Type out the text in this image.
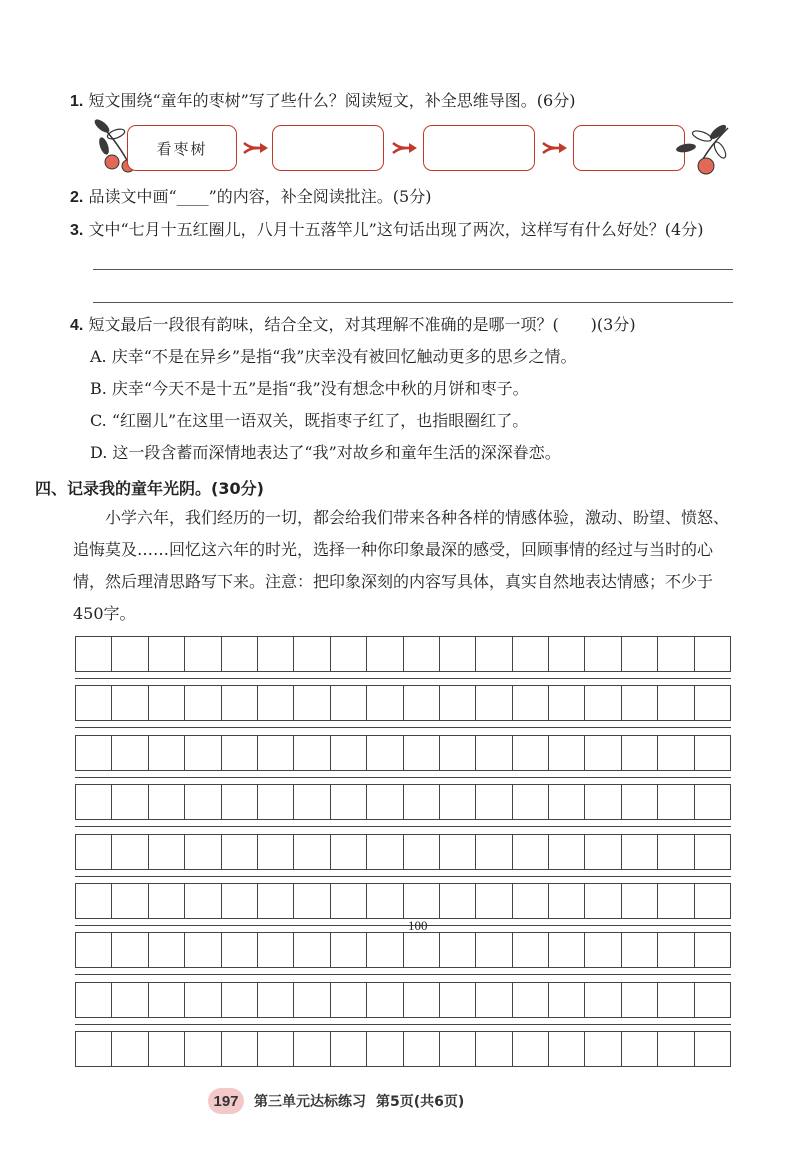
1. 短文围绕“童年的枣树”写了些什么？阅读短文，补全思维导图。(6分)
看枣树
2. 品读文中画“____”的内容，补全阅读批注。(5分)
3. 文中“七月十五红圈儿，八月十五落竿儿”这句话出现了两次，这样写有什么好处？(4分)
4. 短文最后一段很有韵味，结合全文，对其理解不准确的是哪一项？(　　)(3分)
A. 庆幸“不是在异乡”是指“我”庆幸没有被回忆触动更多的思乡之情。
B. 庆幸“今天不是十五”是指“我”没有想念中秋的月饼和枣子。
C. “红圈儿”在这里一语双关，既指枣子红了，也指眼圈红了。
D. 这一段含蓄而深情地表达了“我”对故乡和童年生活的深深眷恋。
四、记录我的童年光阴。(30分)
小学六年，我们经历的一切，都会给我们带来各种各样的情感体验，激动、盼望、愤怒、追悔莫及……回忆这六年的时光，选择一种你印象最深的感受，回顾事情的经过与当时的心情，然后理清思路写下来。注意：把印象深刻的内容写具体，真实自然地表达情感；不少于450字。
100
197	第三单元达标练习 第5页(共6页)
